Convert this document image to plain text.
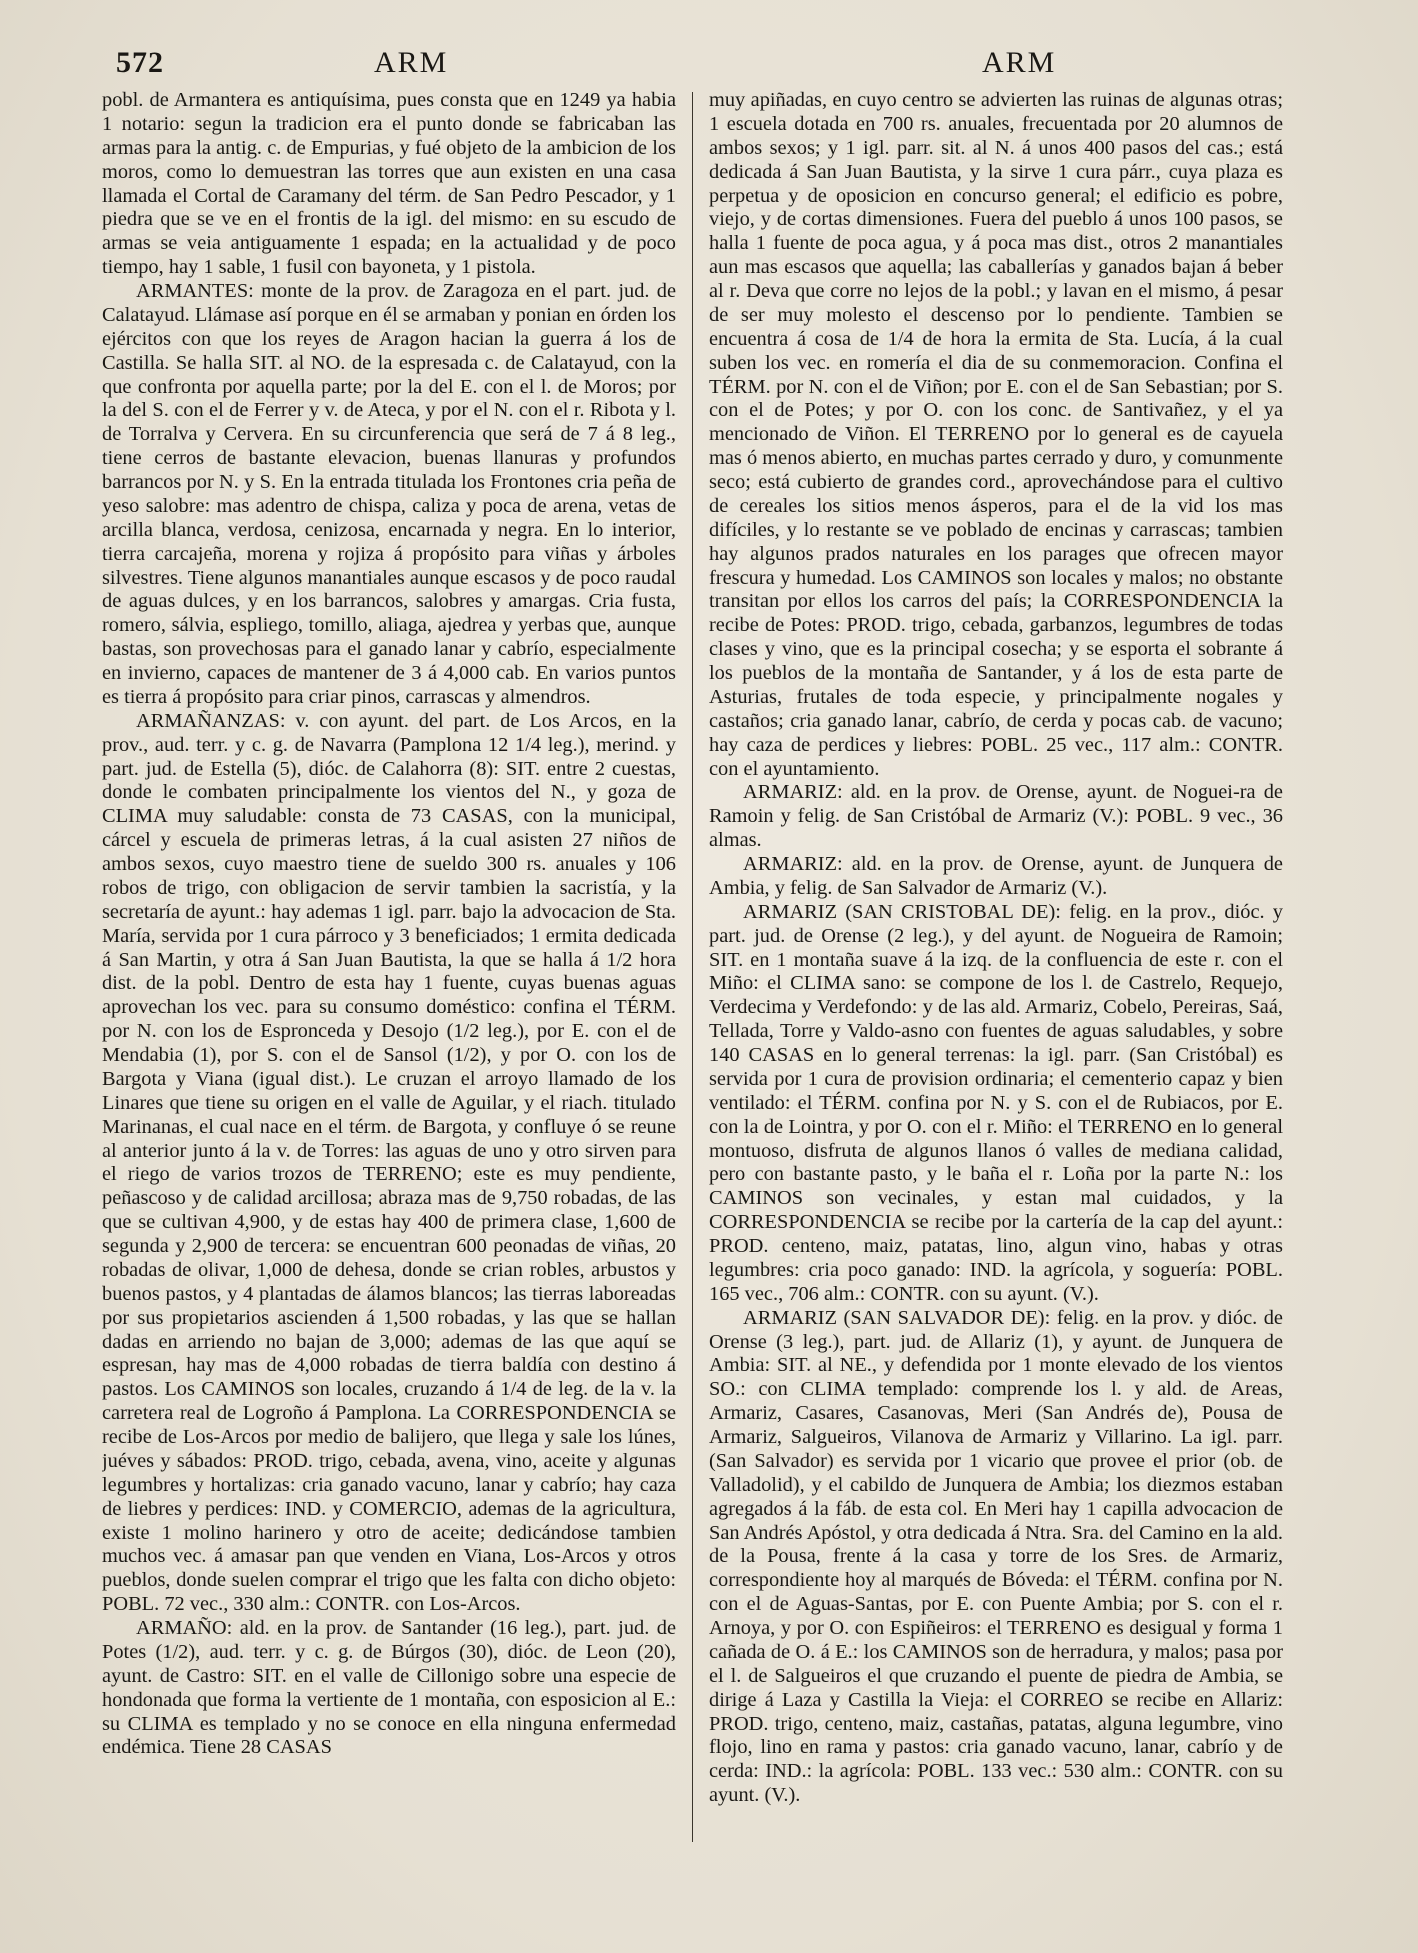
572	ARM	ARM

pobl. de Armantera es antiquísima, pues consta que en 1249 ya habia 1 notario: segun la tradicion era el punto donde se fabricaban las armas para la antig. c. de Empurias, y fué objeto de la ambicion de los moros, como lo demuestran las torres que aun existen en una casa llamada el Cortal de Caramany del térm. de San Pedro Pescador, y 1 piedra que se ve en el frontis de la igl. del mismo: en su escudo de armas se veia antiguamente 1 espada; en la actualidad y de poco tiempo, hay 1 sable, 1 fusil con bayoneta, y 1 pistola.

ARMANTES: monte de la prov. de Zaragoza en el part. jud. de Calatayud. Llámase así porque en él se armaban y ponian en órden los ejércitos con que los reyes de Aragon hacian la guerra á los de Castilla. Se halla SIT. al NO. de la espresada c. de Calatayud, con la que confronta por aquella parte; por la del E. con el l. de Moros; por la del S. con el de Ferrer y v. de Ateca, y por el N. con el r. Ribota y l. de Torralva y Cervera. En su circunferencia que será de 7 á 8 leg., tiene cerros de bastante elevacion, buenas llanuras y profundos barrancos por N. y S. En la entrada titulada los Frontones cria peña de yeso salobre: mas adentro de chispa, caliza y poca de arena, vetas de arcilla blanca, verdosa, cenizosa, encarnada y negra. En lo interior, tierra carcajeña, morena y rojiza á propósito para viñas y árboles silvestres. Tiene algunos manantiales aunque escasos y de poco raudal de aguas dulces, y en los barrancos, salobres y amargas. Cria fusta, romero, sálvia, espliego, tomillo, aliaga, ajedrea y yerbas que, aunque bastas, son provechosas para el ganado lanar y cabrío, especialmente en invierno, capaces de mantener de 3 á 4,000 cab. En varios puntos es tierra á propósito para criar pinos, carrascas y almendros.

ARMAÑANZAS: v. con ayunt. del part. de Los Arcos, en la prov., aud. terr. y c. g. de Navarra (Pamplona 12 1/4 leg.), merind. y part. jud. de Estella (5), dióc. de Calahorra (8): SIT. entre 2 cuestas, donde le combaten principalmente los vientos del N., y goza de CLIMA muy saludable: consta de 73 CASAS, con la municipal, cárcel y escuela de primeras letras, á la cual asisten 27 niños de ambos sexos, cuyo maestro tiene de sueldo 300 rs. anuales y 106 robos de trigo, con obligacion de servir tambien la sacristía, y la secretaría de ayunt.: hay ademas 1 igl. parr. bajo la advocacion de Sta. María, servida por 1 cura párroco y 3 beneficiados; 1 ermita dedicada á San Martin, y otra á San Juan Bautista, la que se halla á 1/2 hora dist. de la pobl. Dentro de esta hay 1 fuente, cuyas buenas aguas aprovechan los vec. para su consumo doméstico: confina el TÉRM. por N. con los de Espronceda y Desojo (1/2 leg.), por E. con el de Mendabia (1), por S. con el de Sansol (1/2), y por O. con los de Bargota y Viana (igual dist.). Le cruzan el arroyo llamado de los Linares que tiene su origen en el valle de Aguilar, y el riach. titulado Marinanas, el cual nace en el térm. de Bargota, y confluye ó se reune al anterior junto á la v. de Torres: las aguas de uno y otro sirven para el riego de varios trozos de TERRENO; este es muy pendiente, peñascoso y de calidad arcillosa; abraza mas de 9,750 robadas, de las que se cultivan 4,900, y de estas hay 400 de primera clase, 1,600 de segunda y 2,900 de tercera: se encuentran 600 peonadas de viñas, 20 robadas de olivar, 1,000 de dehesa, donde se crian robles, arbustos y buenos pastos, y 4 plantadas de álamos blancos; las tierras laboreadas por sus propietarios ascienden á 1,500 robadas, y las que se hallan dadas en arriendo no bajan de 3,000; ademas de las que aquí se espresan, hay mas de 4,000 robadas de tierra baldía con destino á pastos. Los CAMINOS son locales, cruzando á 1/4 de leg. de la v. la carretera real de Logroño á Pamplona. La CORRESPONDENCIA se recibe de Los-Arcos por medio de balijero, que llega y sale los lúnes, juéves y sábados: PROD. trigo, cebada, avena, vino, aceite y algunas legumbres y hortalizas: cria ganado vacuno, lanar y cabrío; hay caza de liebres y perdices: IND. y COMERCIO, ademas de la agricultura, existe 1 molino harinero y otro de aceite; dedicándose tambien muchos vec. á amasar pan que venden en Viana, Los-Arcos y otros pueblos, donde suelen comprar el trigo que les falta con dicho objeto: POBL. 72 vec., 330 alm.: CONTR. con Los-Arcos.

ARMAÑO: ald. en la prov. de Santander (16 leg.), part. jud. de Potes (1/2), aud. terr. y c. g. de Búrgos (30), dióc. de Leon (20), ayunt. de Castro: SIT. en el valle de Cillonigo sobre una especie de hondonada que forma la vertiente de 1 montaña, con esposicion al E.: su CLIMA es templado y no se conoce en ella ninguna enfermedad endémica. Tiene 28 CASAS

muy apiñadas, en cuyo centro se advierten las ruinas de algunas otras; 1 escuela dotada en 700 rs. anuales, frecuentada por 20 alumnos de ambos sexos; y 1 igl. parr. sit. al N. á unos 400 pasos del cas.; está dedicada á San Juan Bautista, y la sirve 1 cura párr., cuya plaza es perpetua y de oposicion en concurso general; el edificio es pobre, viejo, y de cortas dimensiones. Fuera del pueblo á unos 100 pasos, se halla 1 fuente de poca agua, y á poca mas dist., otros 2 manantiales aun mas escasos que aquella; las caballerías y ganados bajan á beber al r. Deva que corre no lejos de la pobl.; y lavan en el mismo, á pesar de ser muy molesto el descenso por lo pendiente. Tambien se encuentra á cosa de 1/4 de hora la ermita de Sta. Lucía, á la cual suben los vec. en romería el dia de su conmemoracion. Confina el TÉRM. por N. con el de Viñon; por E. con el de San Sebastian; por S. con el de Potes; y por O. con los conc. de Santivañez, y el ya mencionado de Viñon. El TERRENO por lo general es de cayuela mas ó menos abierto, en muchas partes cerrado y duro, y comunmente seco; está cubierto de grandes cord., aprovechándose para el cultivo de cereales los sitios menos ásperos, para el de la vid los mas difíciles, y lo restante se ve poblado de encinas y carrascas; tambien hay algunos prados naturales en los parages que ofrecen mayor frescura y humedad. Los CAMINOS son locales y malos; no obstante transitan por ellos los carros del país; la CORRESPONDENCIA la recibe de Potes: PROD. trigo, cebada, garbanzos, legumbres de todas clases y vino, que es la principal cosecha; y se esporta el sobrante á los pueblos de la montaña de Santander, y á los de esta parte de Asturias, frutales de toda especie, y principalmente nogales y castaños; cria ganado lanar, cabrío, de cerda y pocas cab. de vacuno; hay caza de perdices y liebres: POBL. 25 vec., 117 alm.: CONTR. con el ayuntamiento.

ARMARIZ: ald. en la prov. de Orense, ayunt. de Noguei-ra de Ramoin y felig. de San Cristóbal de Armariz (V.): POBL. 9 vec., 36 almas.

ARMARIZ: ald. en la prov. de Orense, ayunt. de Junquera de Ambia, y felig. de San Salvador de Armariz (V.).

ARMARIZ (SAN CRISTOBAL DE): felig. en la prov., dióc. y part. jud. de Orense (2 leg.), y del ayunt. de Nogueira de Ramoin; SIT. en 1 montaña suave á la izq. de la confluencia de este r. con el Miño: el CLIMA sano: se compone de los l. de Castrelo, Requejo, Verdecima y Verdefondo: y de las ald. Armariz, Cobelo, Pereiras, Saá, Tellada, Torre y Valdo-asno con fuentes de aguas saludables, y sobre 140 CASAS en lo general terrenas: la igl. parr. (San Cristóbal) es servida por 1 cura de provision ordinaria; el cementerio capaz y bien ventilado: el TÉRM. confina por N. y S. con el de Rubiacos, por E. con la de Lointra, y por O. con el r. Miño: el TERRENO en lo general montuoso, disfruta de algunos llanos ó valles de mediana calidad, pero con bastante pasto, y le baña el r. Loña por la parte N.: los CAMINOS son vecinales, y estan mal cuidados, y la CORRESPONDENCIA se recibe por la cartería de la cap del ayunt.: PROD. centeno, maiz, patatas, lino, algun vino, habas y otras legumbres: cria poco ganado: IND. la agrícola, y soguería: POBL. 165 vec., 706 alm.: CONTR. con su ayunt. (V.).

ARMARIZ (SAN SALVADOR DE): felig. en la prov. y dióc. de Orense (3 leg.), part. jud. de Allariz (1), y ayunt. de Junquera de Ambia: SIT. al NE., y defendida por 1 monte elevado de los vientos SO.: con CLIMA templado: comprende los l. y ald. de Areas, Armariz, Casares, Casanovas, Meri (San Andrés de), Pousa de Armariz, Salgueiros, Vilanova de Armariz y Villarino. La igl. parr. (San Salvador) es servida por 1 vicario que provee el prior (ob. de Valladolid), y el cabildo de Junquera de Ambia; los diezmos estaban agregados á la fáb. de esta col. En Meri hay 1 capilla advocacion de San Andrés Apóstol, y otra dedicada á Ntra. Sra. del Camino en la ald. de la Pousa, frente á la casa y torre de los Sres. de Armariz, correspondiente hoy al marqués de Bóveda: el TÉRM. confina por N. con el de Aguas-Santas, por E. con Puente Ambia; por S. con el r. Arnoya, y por O. con Espiñeiros: el TERRENO es desigual y forma 1 cañada de O. á E.: los CAMINOS son de herradura, y malos; pasa por el l. de Salgueiros el que cruzando el puente de piedra de Ambia, se dirige á Laza y Castilla la Vieja: el CORREO se recibe en Allariz: PROD. trigo, centeno, maiz, castañas, patatas, alguna legumbre, vino flojo, lino en rama y pastos: cria ganado vacuno, lanar, cabrío y de cerda: IND.: la agrícola: POBL. 133 vec.: 530 alm.: CONTR. con su ayunt. (V.).
